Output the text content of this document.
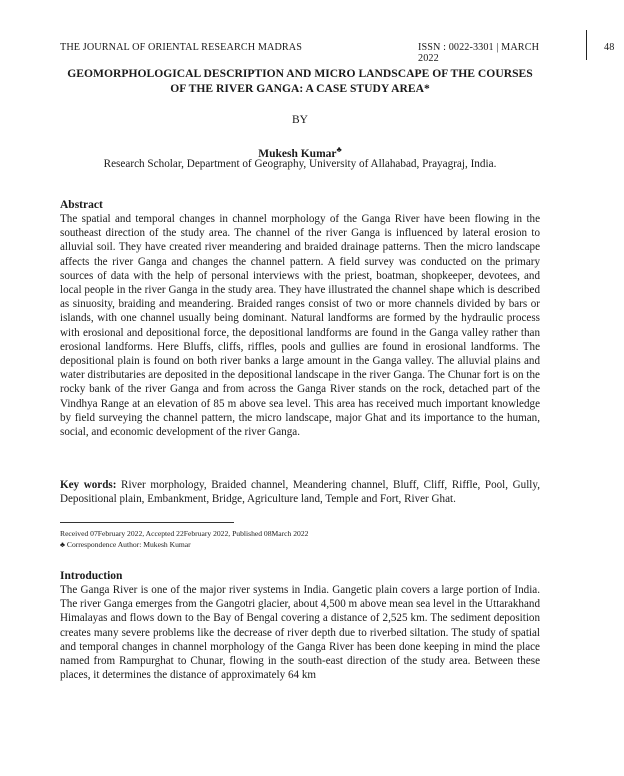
THE JOURNAL OF ORIENTAL RESEARCH MADRAS	ISSN : 0022-3301 | MARCH 2022
48
GEOMORPHOLOGICAL DESCRIPTION AND MICRO LANDSCAPE OF THE COURSES OF THE RIVER GANGA: A CASE STUDY AREA*
BY
Mukesh Kumar♣
Research Scholar, Department of Geography, University of Allahabad, Prayagraj, India.
Abstract
The spatial and temporal changes in channel morphology of the Ganga River have been flowing in the southeast direction of the study area. The channel of the river Ganga is influenced by lateral erosion to alluvial soil. They have created river meandering and braided drainage patterns. Then the micro landscape affects the river Ganga and changes the channel pattern. A field survey was conducted on the primary sources of data with the help of personal interviews with the priest, boatman, shopkeeper, devotees, and local people in the river Ganga in the study area. They have illustrated the channel shape which is described as sinuosity, braiding and meandering. Braided ranges consist of two or more channels divided by bars or islands, with one channel usually being dominant. Natural landforms are formed by the hydraulic process with erosional and depositional force, the depositional landforms are found in the Ganga valley rather than erosional landforms. Here Bluffs, cliffs, riffles, pools and gullies are found in erosional landforms. The depositional plain is found on both river banks a large amount in the Ganga valley. The alluvial plains and water distributaries are deposited in the depositional landscape in the river Ganga. The Chunar fort is on the rocky bank of the river Ganga and from across the Ganga River stands on the rock, detached part of the Vindhya Range at an elevation of 85 m above sea level. This area has received much important knowledge by field surveying the channel pattern, the micro landscape, major Ghat and its importance to the human, social, and economic development of the river Ganga.
Key words: River morphology, Braided channel, Meandering channel, Bluff, Cliff, Riffle, Pool, Gully, Depositional plain, Embankment, Bridge, Agriculture land, Temple and Fort, River Ghat.
Received 07February 2022, Accepted 22February 2022, Published 08March 2022
♣ Correspondence Author: Mukesh Kumar
Introduction
The Ganga River is one of the major river systems in India. Gangetic plain covers a large portion of India. The river Ganga emerges from the Gangotri glacier, about 4,500 m above mean sea level in the Uttarakhand Himalayas and flows down to the Bay of Bengal covering a distance of 2,525 km. The sediment deposition creates many severe problems like the decrease of river depth due to riverbed siltation. The study of spatial and temporal changes in channel morphology of the Ganga River has been done keeping in mind the place named from Rampurghat to Chunar, flowing in the south-east direction of the study area. Between these places, it determines the distance of approximately 64 km
